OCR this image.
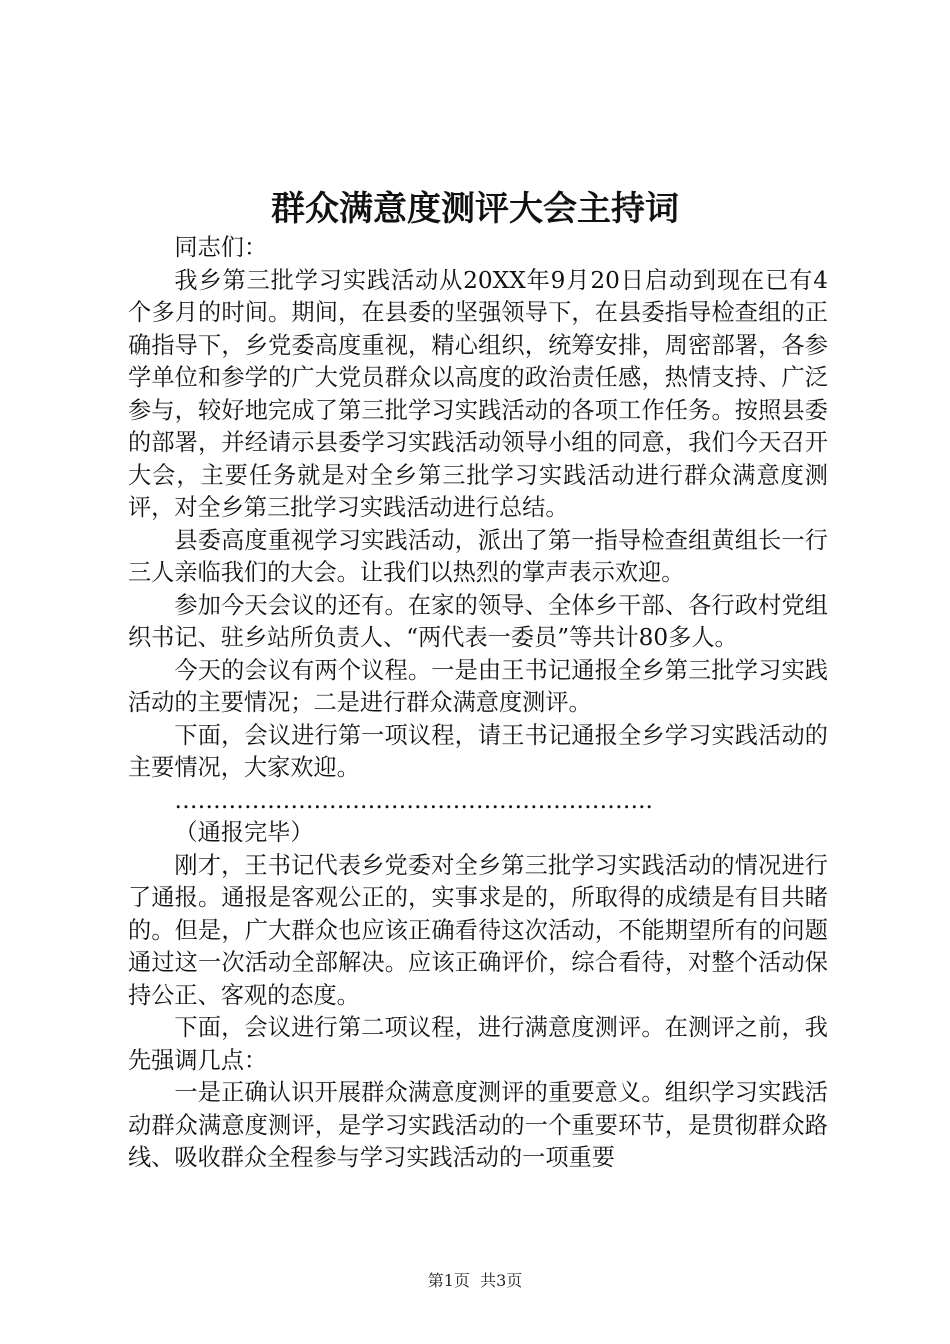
群众满意度测评大会主持词

同志们：

我乡第三批学习实践活动从20XX年9月20日启动到现在已有4个多月的时间。期间，在县委的坚强领导下，在县委指导检查组的正确指导下，乡党委高度重视，精心组织，统筹安排，周密部署，各参学单位和参学的广大党员群众以高度的政治责任感，热情支持、广泛参与，较好地完成了第三批学习实践活动的各项工作任务。按照县委的部署，并经请示县委学习实践活动领导小组的同意，我们今天召开大会，主要任务就是对全乡第三批学习实践活动进行群众满意度测评，对全乡第三批学习实践活动进行总结。

县委高度重视学习实践活动，派出了第一指导检查组黄组长一行三人亲临我们的大会。让我们以热烈的掌声表示欢迎。

参加今天会议的还有。在家的领导、全体乡干部、各行政村党组织书记、驻乡站所负责人、“两代表一委员”等共计80多人。

今天的会议有两个议程。一是由王书记通报全乡第三批学习实践活动的主要情况；二是进行群众满意度测评。

下面，会议进行第一项议程，请王书记通报全乡学习实践活动的主要情况，大家欢迎。

……………………………………………………..

（通报完毕）

刚才，王书记代表乡党委对全乡第三批学习实践活动的情况进行了通报。通报是客观公正的，实事求是的，所取得的成绩是有目共睹的。但是，广大群众也应该正确看待这次活动，不能期望所有的问题通过这一次活动全部解决。应该正确评价，综合看待，对整个活动保持公正、客观的态度。

下面，会议进行第二项议程，进行满意度测评。在测评之前，我先强调几点：

一是正确认识开展群众满意度测评的重要意义。组织学习实践活动群众满意度测评，是学习实践活动的一个重要环节，是贯彻群众路线、吸收群众全程参与学习实践活动的一项重要

第1页 共3页
